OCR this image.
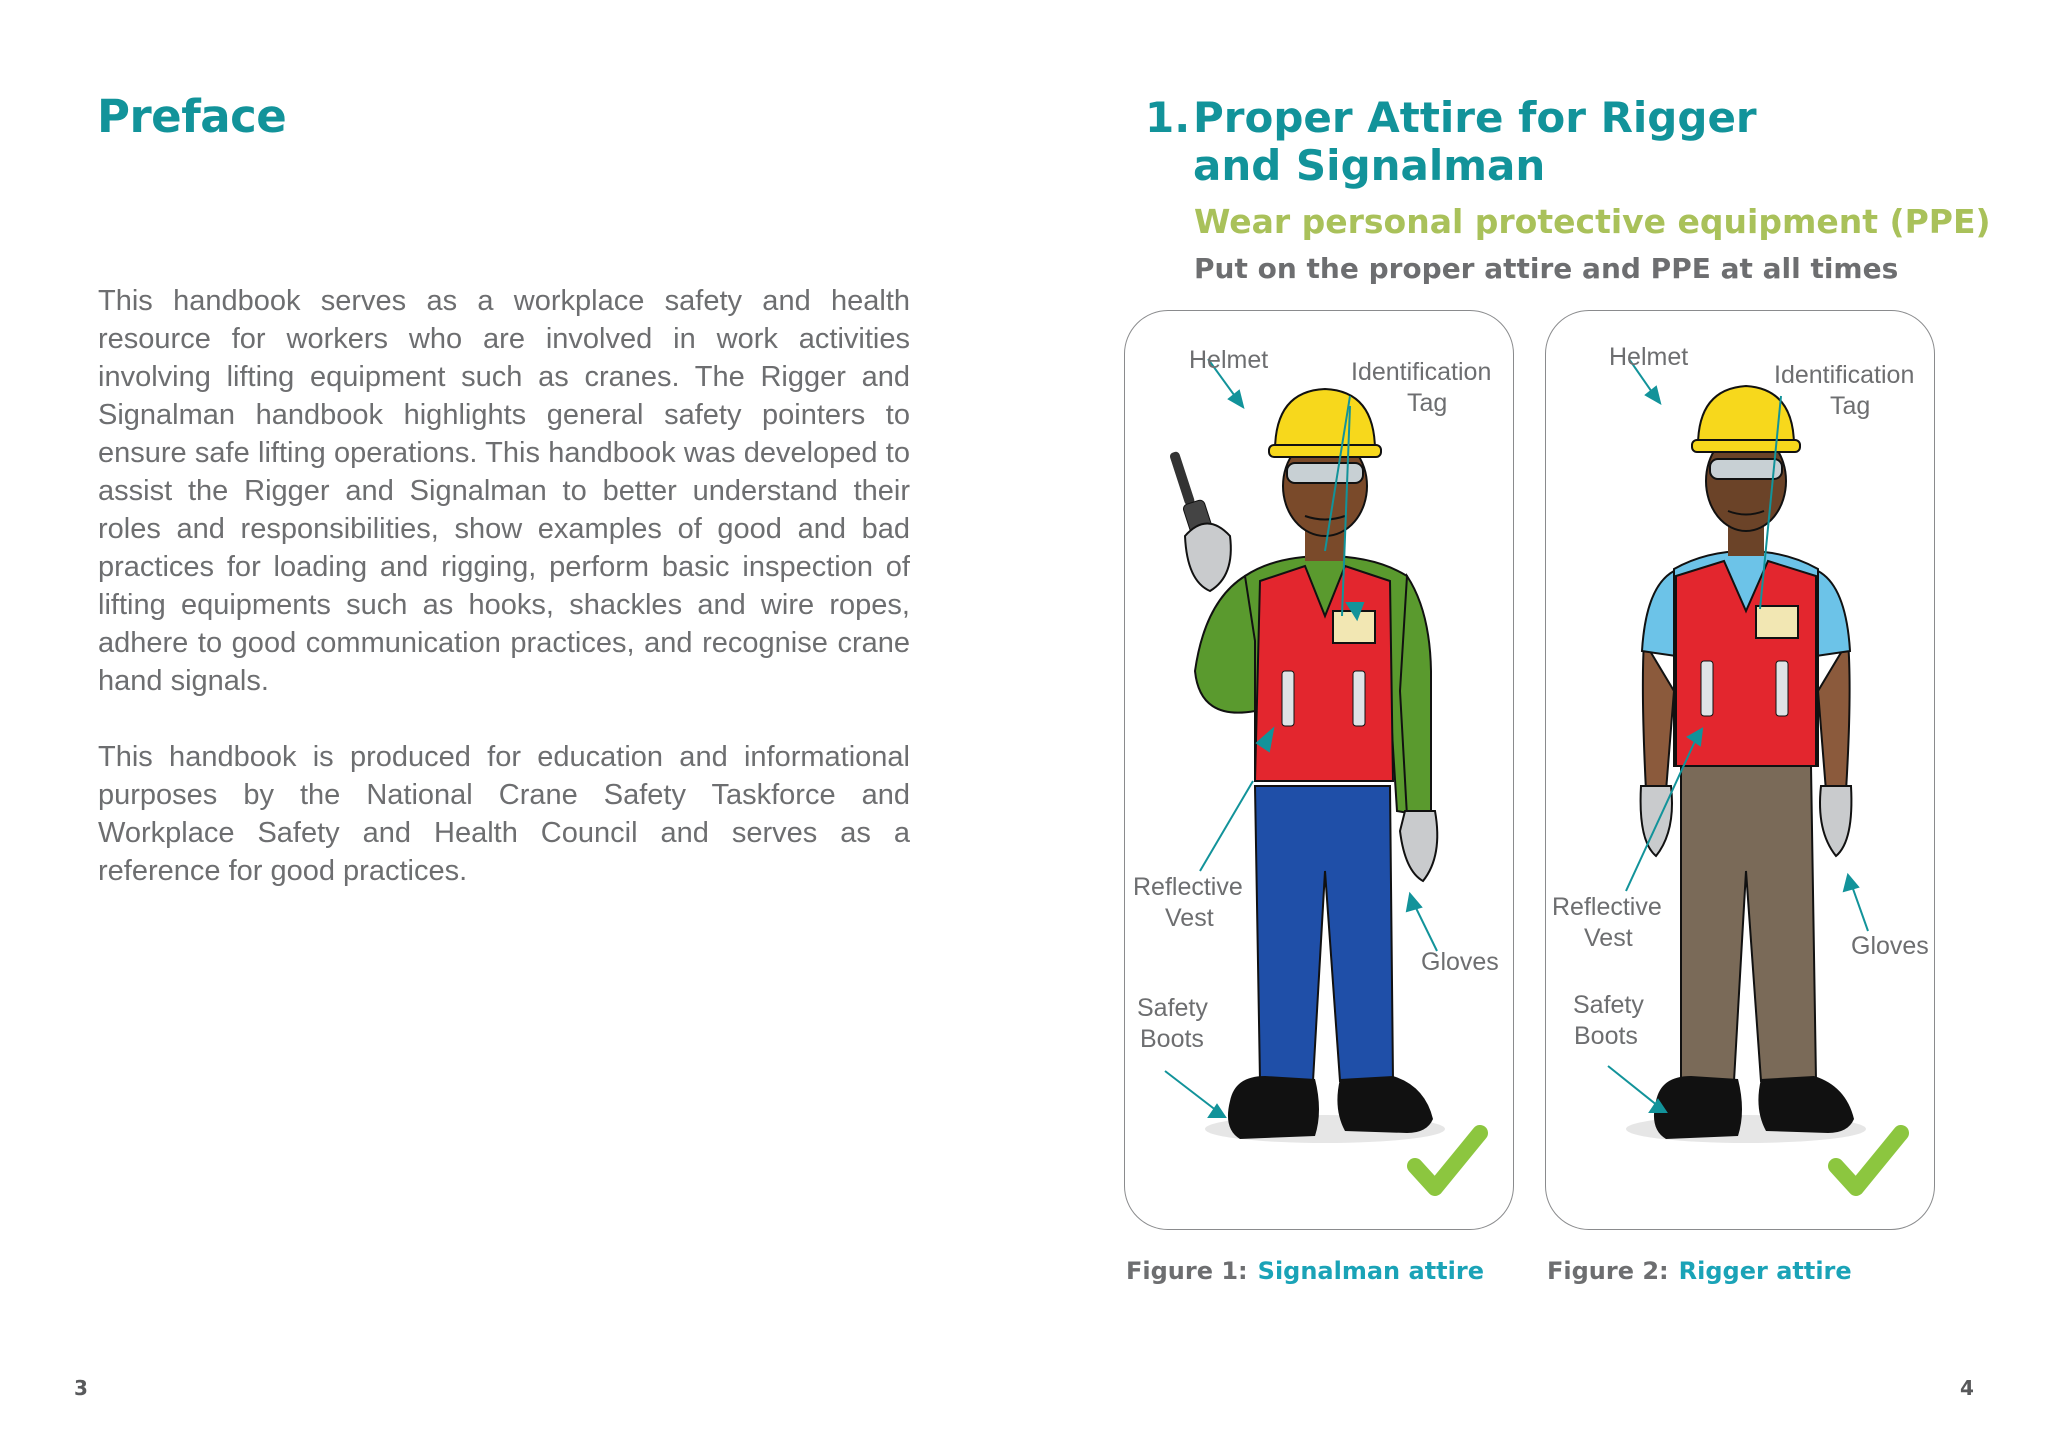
Preface

This handbook serves as a workplace safety and health resource for workers who are involved in work activities involving lifting equipment such as cranes. The Rigger and Signalman handbook highlights general safety pointers to ensure safe lifting operations. This handbook was developed to assist the Rigger and Signalman to better understand their roles and responsibilities, show examples of good and bad practices for loading and rigging, perform basic inspection of lifting equipments such as hooks, shackles and wire ropes, adhere to good communication practices, and recognise crane hand signals.

This handbook is produced for education and informational purposes by the National Crane Safety Taskforce and Workplace Safety and Health Council and serves as a reference for good practices.

3
1. Proper Attire for Rigger
and Signalman
Wear personal protective equipment (PPE)
Put on the proper attire and PPE at all times
Helmet	Identification
Tag
Reflective
Vest
Gloves
Safety
Boots
Figure 1: Signalman attire
Helmet
Identification
Tag
Reflective
Vest	Gloves
Safety
Boots
Figure 2: Rigger attire
4
